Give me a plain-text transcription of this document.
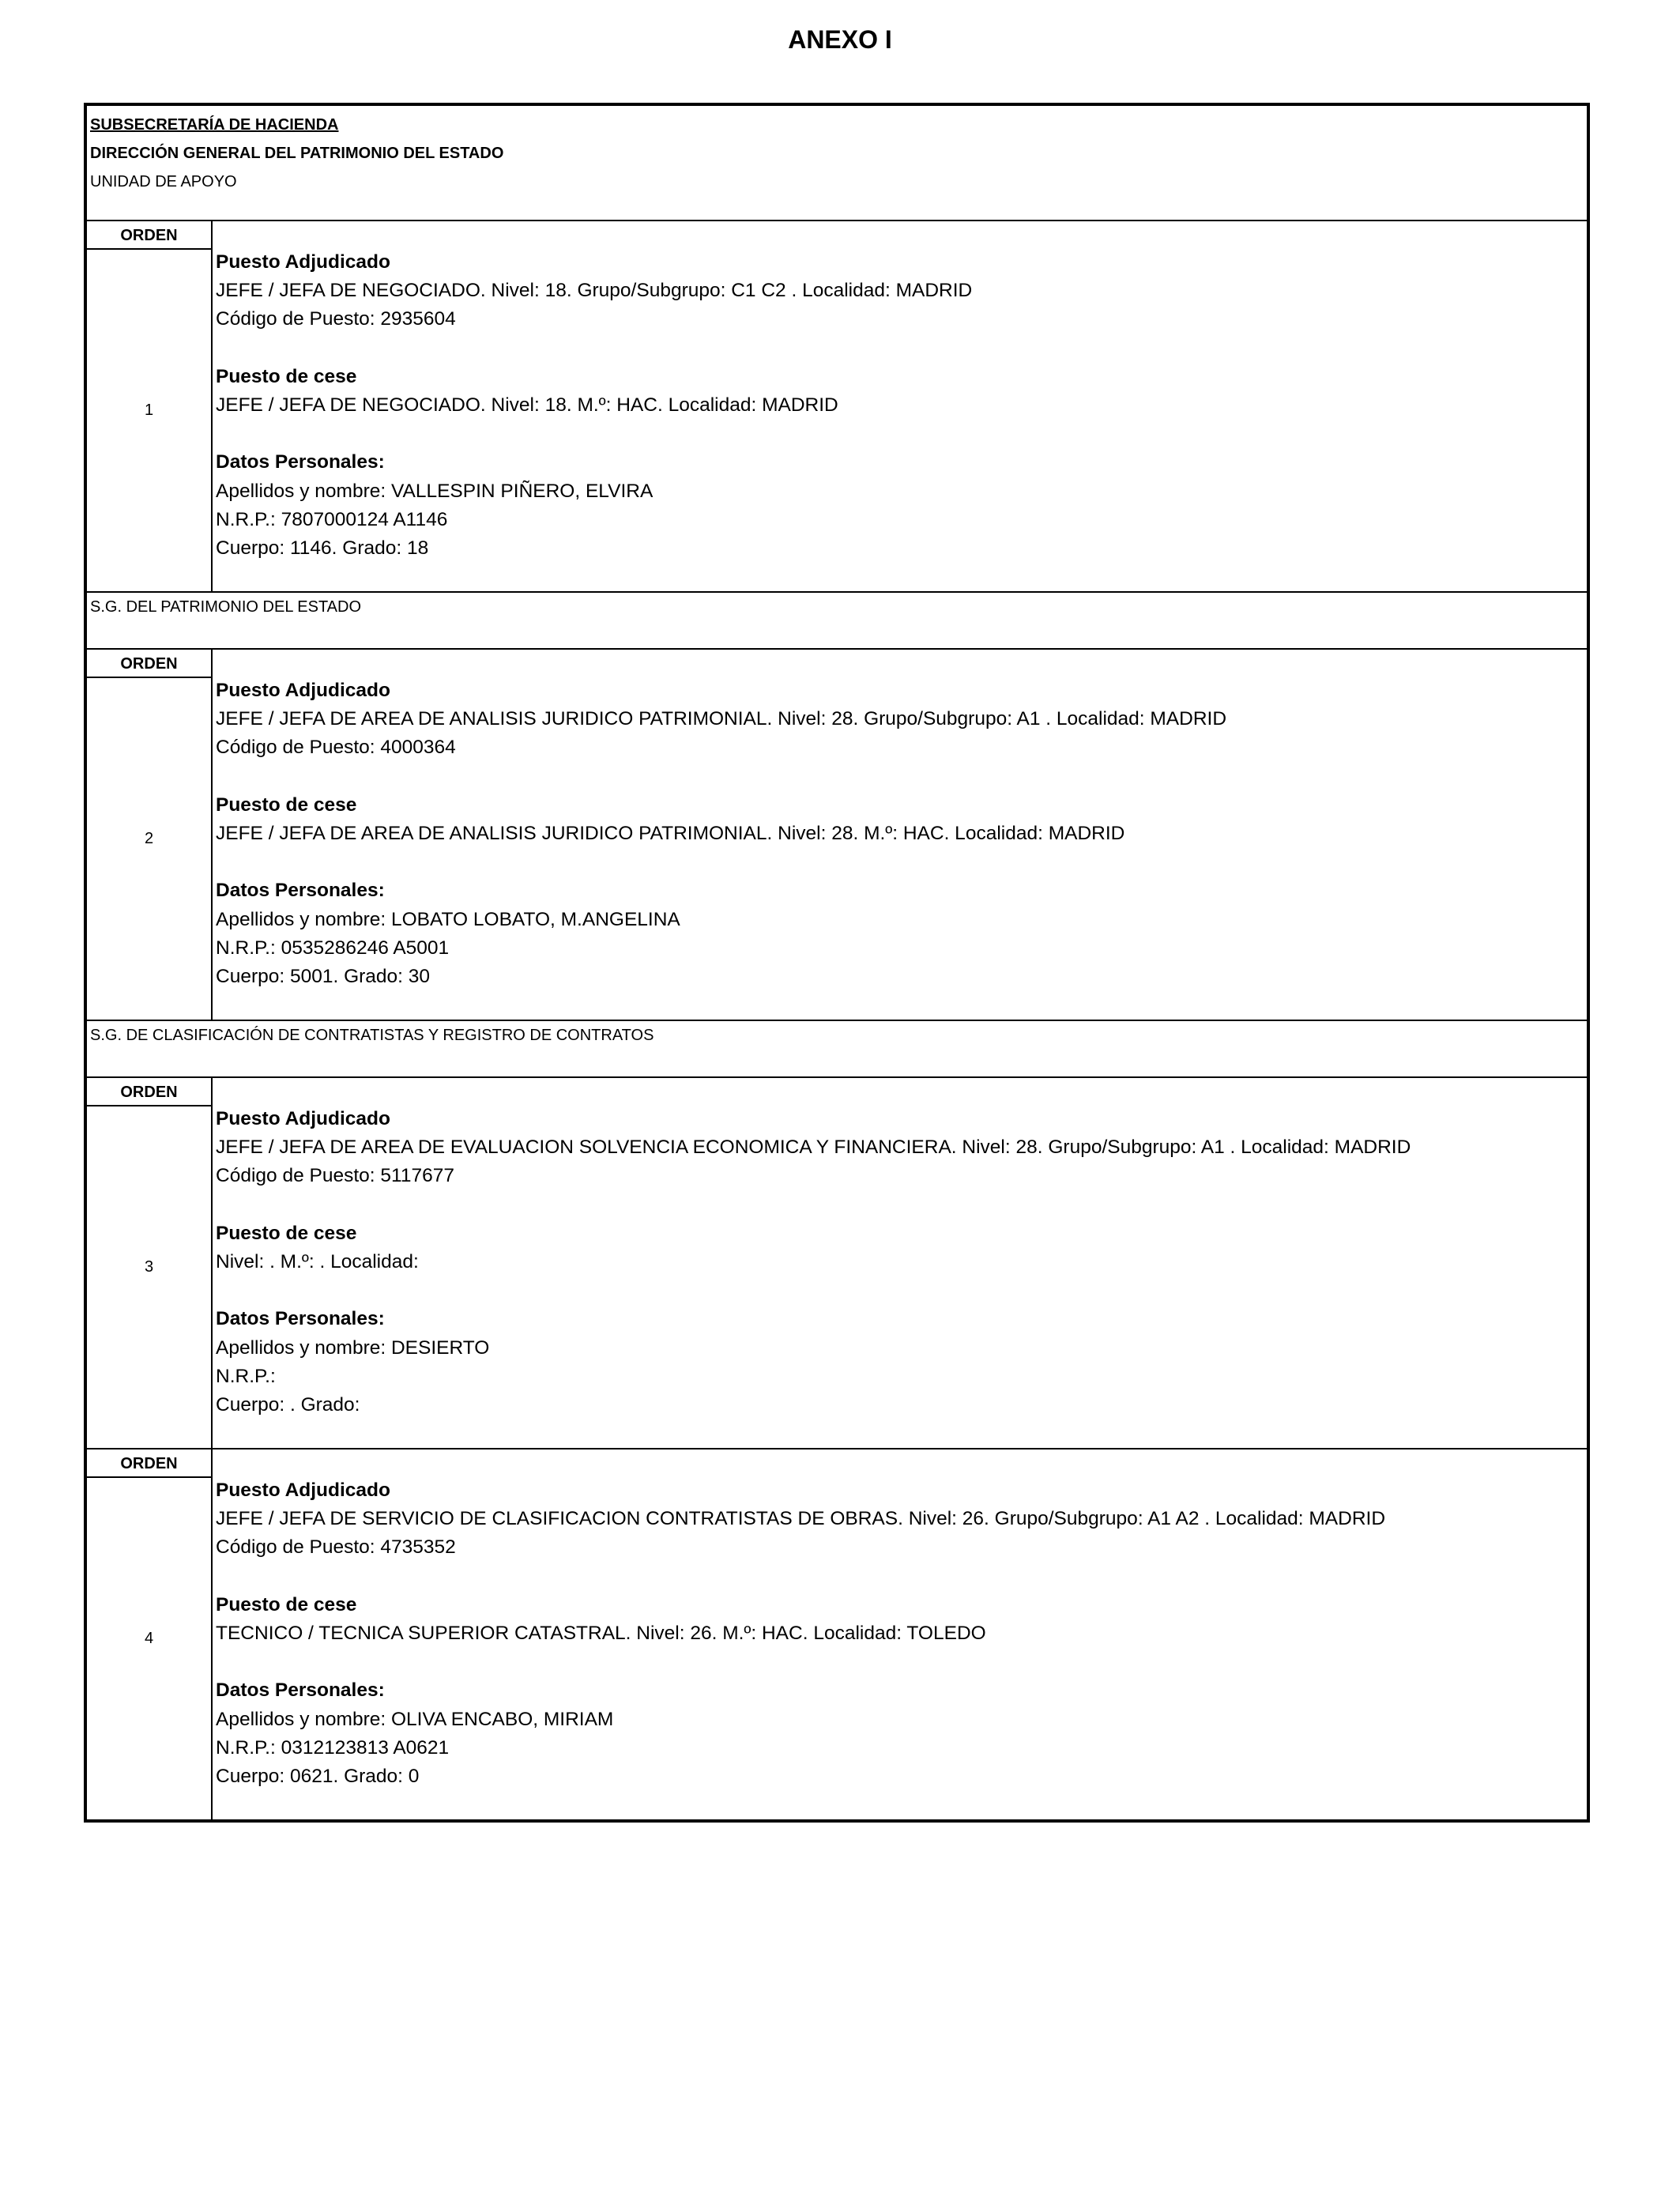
ANEXO I
SUBSECRETARÍA DE HACIENDA
DIRECCIÓN GENERAL DEL PATRIMONIO DEL ESTADO
UNIDAD DE APOYO
ORDEN
1
Puesto Adjudicado
JEFE / JEFA DE NEGOCIADO. Nivel: 18. Grupo/Subgrupo: C1 C2 . Localidad: MADRID
Código de Puesto: 2935604
Puesto de cese
JEFE / JEFA DE NEGOCIADO. Nivel: 18. M.º: HAC. Localidad: MADRID
Datos Personales:
Apellidos y nombre: VALLESPIN PIÑERO, ELVIRA
N.R.P.: 7807000124 A1146
Cuerpo: 1146. Grado: 18
S.G. DEL PATRIMONIO DEL ESTADO
ORDEN
2
Puesto Adjudicado
JEFE / JEFA DE AREA DE ANALISIS JURIDICO PATRIMONIAL. Nivel: 28. Grupo/Subgrupo: A1 . Localidad: MADRID
Código de Puesto: 4000364
Puesto de cese
JEFE / JEFA DE AREA DE ANALISIS JURIDICO PATRIMONIAL. Nivel: 28. M.º: HAC. Localidad: MADRID
Datos Personales:
Apellidos y nombre: LOBATO LOBATO, M.ANGELINA
N.R.P.: 0535286246 A5001
Cuerpo: 5001. Grado: 30
S.G. DE CLASIFICACIÓN DE CONTRATISTAS Y REGISTRO DE CONTRATOS
ORDEN
3
Puesto Adjudicado
JEFE / JEFA DE AREA DE EVALUACION SOLVENCIA ECONOMICA Y FINANCIERA. Nivel: 28. Grupo/Subgrupo: A1 . Localidad: MADRID
Código de Puesto: 5117677
Puesto de cese
Nivel: . M.º: . Localidad:
Datos Personales:
Apellidos y nombre: DESIERTO
N.R.P.:
Cuerpo: . Grado:
ORDEN
4
Puesto Adjudicado
JEFE / JEFA DE SERVICIO DE CLASIFICACION CONTRATISTAS DE OBRAS. Nivel: 26. Grupo/Subgrupo: A1 A2 . Localidad: MADRID
Código de Puesto: 4735352
Puesto de cese
TECNICO / TECNICA SUPERIOR CATASTRAL. Nivel: 26. M.º: HAC. Localidad: TOLEDO
Datos Personales:
Apellidos y nombre: OLIVA ENCABO, MIRIAM
N.R.P.: 0312123813 A0621
Cuerpo: 0621. Grado: 0
